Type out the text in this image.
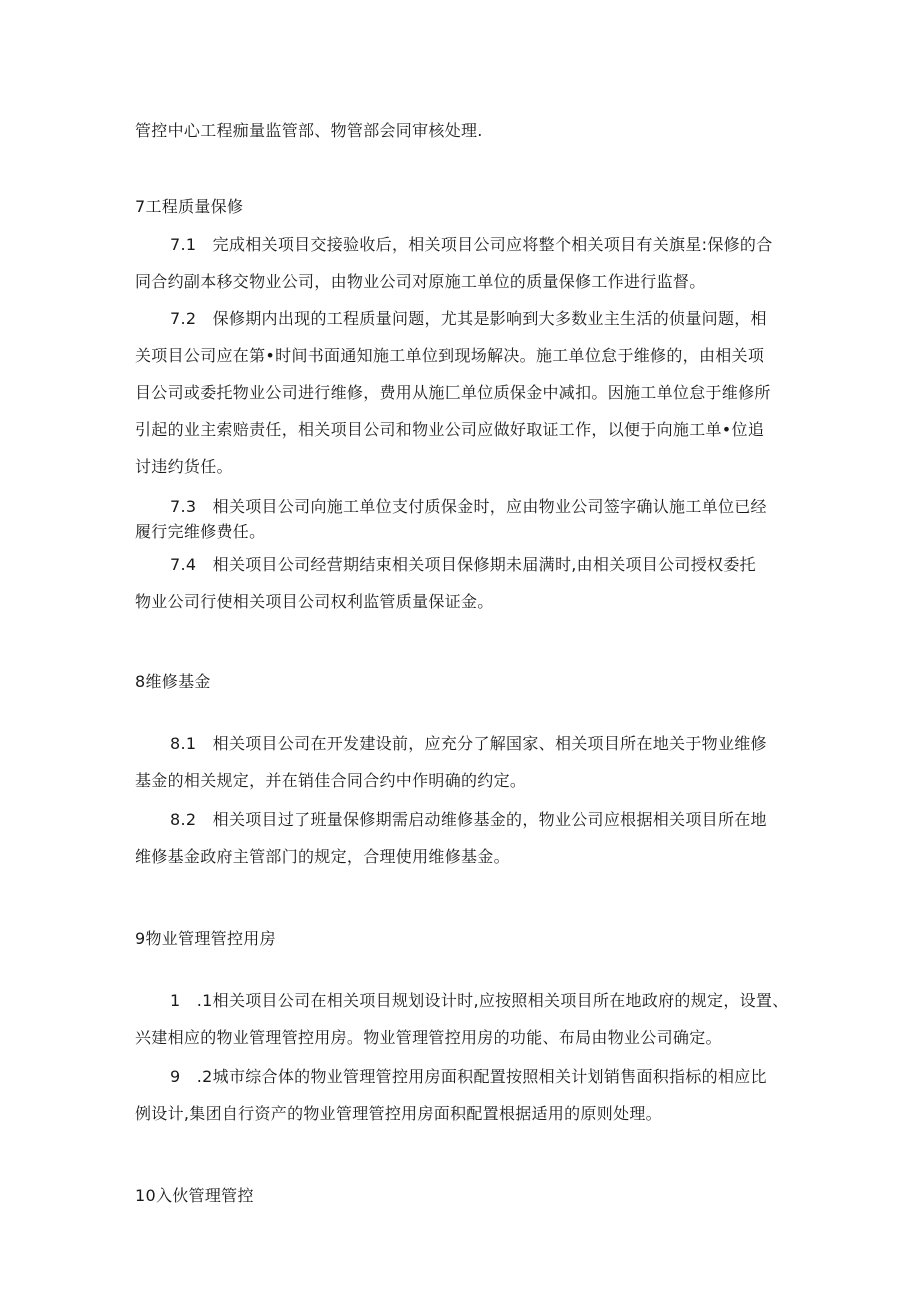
管控中心工程痂量监管部、物管部会同审核处理.
7工程质量保修
7.1　完成相关项目交接验收后，相关项目公司应将整个相关项目有关旗星:保修的合
同合约副本移交物业公司，由物业公司对原施工单位的质量保修工作进行监督。
7.2　保修期内出现的工程质量问题，尤其是影响到大多数业主生活的侦量问题，相
关项目公司应在第•时间书面通知施工单位到现场解决。施工单位怠于维修的，由相关项
目公司或委托物业公司进行维修，费用从施匚单位质保金中减扣。因施工单位怠于维修所
引起的业主索赔责任，相关项目公司和物业公司应做好取证工作，以便于向施工单•位追
讨违约货任。
7.3　相关项目公司向施工单位支付质保金时，应由物业公司签字确认施工单位已经
履行完维修费任。
7.4　相关项目公司经营期结束相关项目保修期未届满时,由相关项目公司授权委托
物业公司行使相关项目公司权利监管质量保证金。
8维修基金
8.1　相关项目公司在开发建设前，应充分了解国家、相关项目所在地关于物业维修
基金的相关规定，并在销佳合同合约中作明确的约定。
8.2　相关项目过了班量保修期需启动维修基金的，物业公司应根据相关项目所在地
维修基金政府主管部门的规定，合理使用维修基金。
9物业管理管控用房
1　.1相关项目公司在相关项目规划设计时,应按照相关项目所在地政府的规定，设置、
兴建相应的物业管理管控用房。物业管理管控用房的功能、布局由物业公司确定。
9　.2城市综合体的物业管理管控用房面积配置按照相关计划销售面积指标的相应比
例设计,集团自行资产的物业管理管控用房面积配置根据适用的原则处理。
10入伙管理管控
